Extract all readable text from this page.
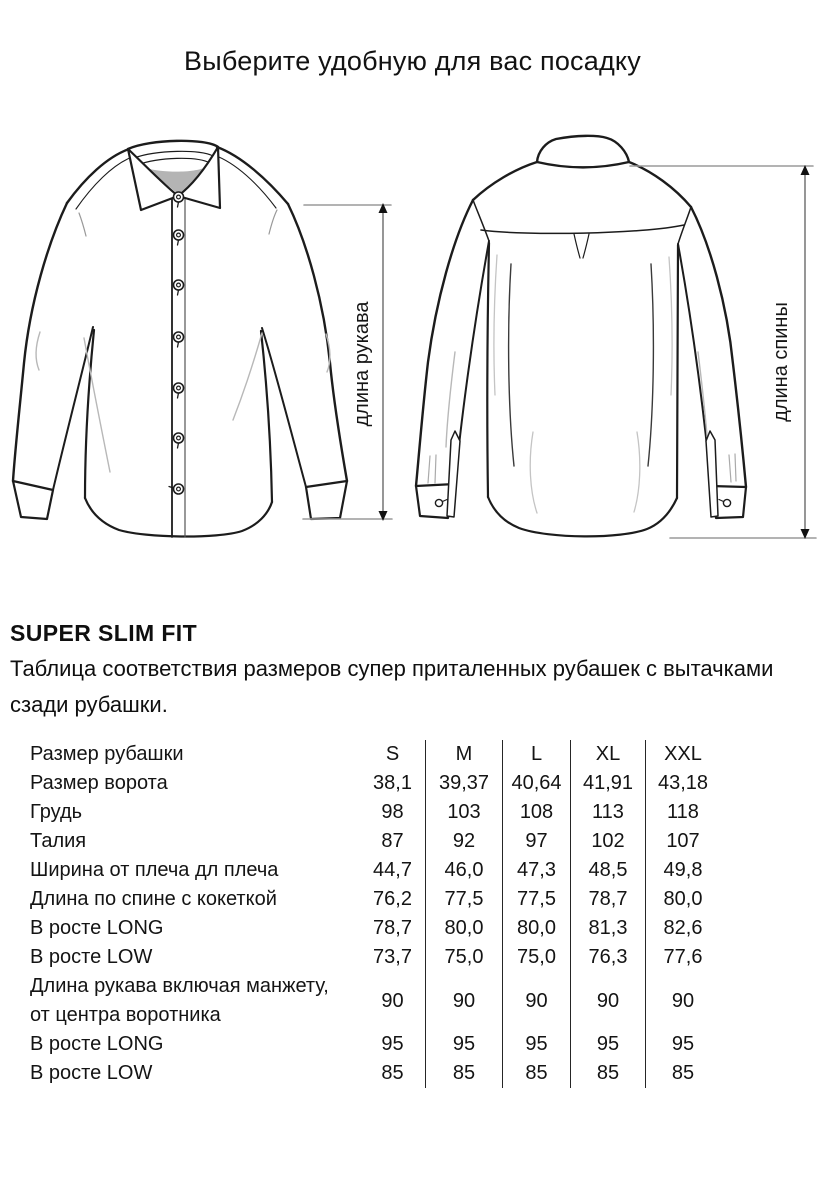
Выберите удобную для вас посадку
длина рукава	длина спины
SUPER SLIM FIT
Таблица соответствия размеров супер приталенных рубашек с вытачками
сзади рубашки.
Размер рубашки	S	M	L	XL	XXL
Размер ворота	38,1	39,37	40,64	41,91	43,18
Грудь	98	103	108	113	118
Талия	87	92	97	102	107
Ширина от плеча дл плеча	44,7	46,0	47,3	48,5	49,8
Длина по спине с кокеткой	76,2	77,5	77,5	78,7	80,0
В росте LONG	78,7	80,0	80,0	81,3	82,6
В росте LOW	73,7	75,0	75,0	76,3	77,6

Длина рукава включая манжету,
от центра воротника	90	90	90	90	90
В росте LONG	95	95	95	95	95
В росте LOW	85	85	85	85	85
